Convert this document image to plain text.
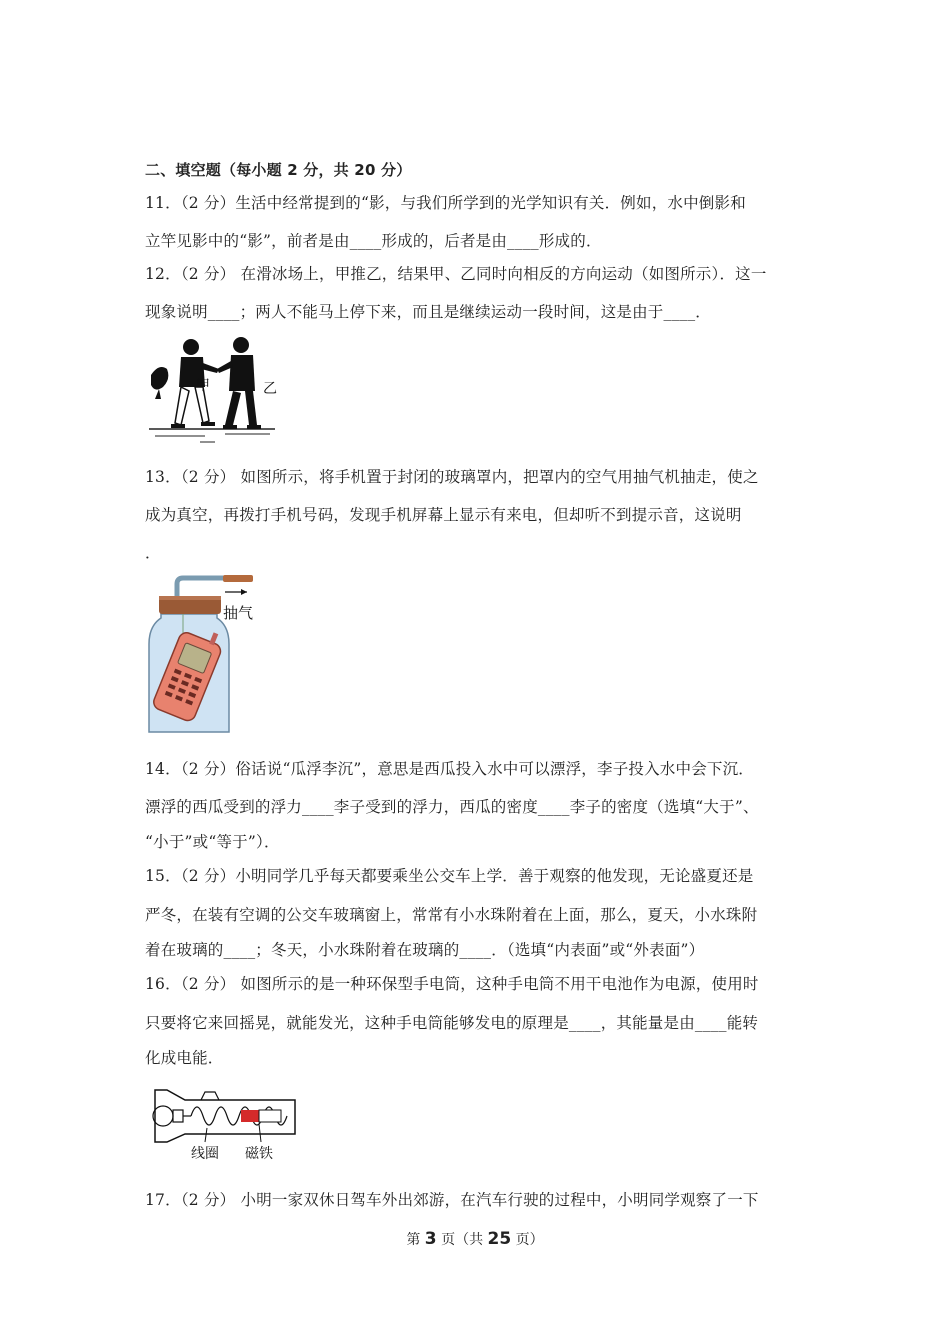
二、填空题（每小题 2 分，共 20 分）
11．（2 分）生活中经常提到的“影，与我们所学到的光学知识有关．例如，水中倒影和
立竿见影中的“影”，前者是由____形成的，后者是由____形成的．
12．（2 分） 在滑冰场上，甲推乙，结果甲、乙同时向相反的方向运动（如图所示）．这一
现象说明____；两人不能马上停下来，而且是继续运动一段时间，这是由于____．
甲	乙
13．（2 分） 如图所示，将手机置于封闭的玻璃罩内，把罩内的空气用抽气机抽走，使之
成为真空，再拨打手机号码，发现手机屏幕上显示有来电，但却听不到提示音，这说明
．
抽气
14．（2 分）俗话说“瓜浮李沉”，意思是西瓜投入水中可以漂浮，李子投入水中会下沉．
漂浮的西瓜受到的浮力____李子受到的浮力，西瓜的密度____李子的密度（选填“大于”、
“小于”或“等于”）．
15．（2 分）小明同学几乎每天都要乘坐公交车上学．善于观察的他发现，无论盛夏还是
严冬，在装有空调的公交车玻璃窗上，常常有小水珠附着在上面，那么，夏天，小水珠附
着在玻璃的____；冬天，小水珠附着在玻璃的____．（选填“内表面”或“外表面”）
16．（2 分） 如图所示的是一种环保型手电筒，这种手电筒不用干电池作为电源，使用时
只要将它来回摇晃，就能发光，这种手电筒能够发电的原理是____，其能量是由____能转
化成电能．
线圈 磁铁
17．（2 分） 小明一家双休日驾车外出郊游，在汽车行驶的过程中，小明同学观察了一下
第 3 页（共 25 页）
